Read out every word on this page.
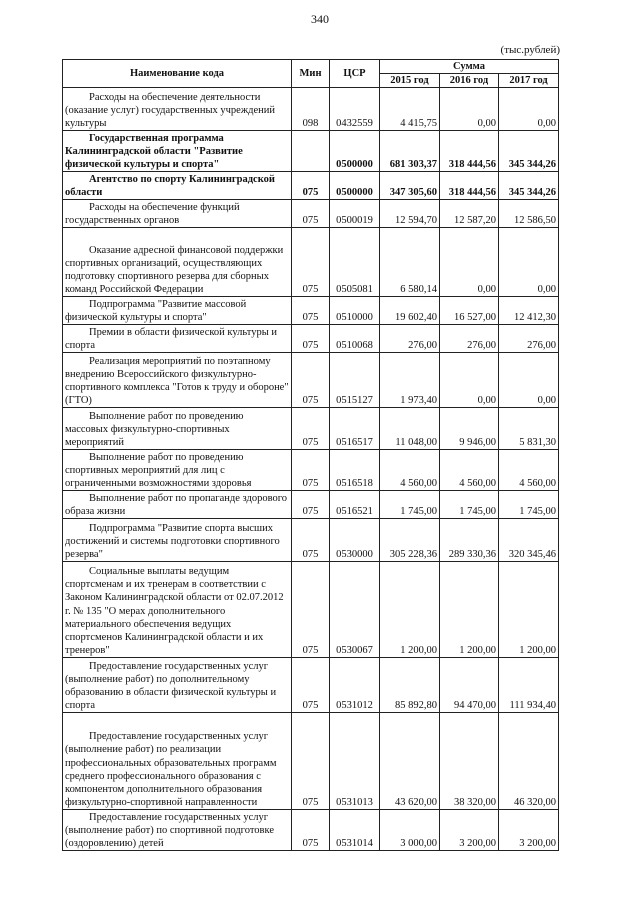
340
(тыс.рублей)
Наименование кода	Мин	ЦСР	Сумма		
			2015 год	2016 год	2017 год
Расходы на обеспечение деятельности (оказание услуг) государственных учреждений культуры	098	0432559	4 415,75	0,00	0,00
Государственная программа Калининградской области "Развитие физической культуры и спорта"		0500000	681 303,37	318 444,56	345 344,26
Агентство по спорту Калининградской области	075	0500000	347 305,60	318 444,56	345 344,26
Расходы на обеспечение функций государственных органов	075	0500019	12 594,70	12 587,20	12 586,50
Оказание адресной финансовой поддержки спортивных организаций, осуществляющих подготовку спортивного резерва для сборных команд Российской Федерации	075	0505081	6 580,14	0,00	0,00
Подпрограмма "Развитие массовой физической культуры и спорта"	075	0510000	19 602,40	16 527,00	12 412,30
Премии в области физической культуры и спорта	075	0510068	276,00	276,00	276,00
Реализация мероприятий по поэтапному внедрению Всероссийского физкультурно-спортивного комплекса "Готов к труду и обороне" (ГТО)	075	0515127	1 973,40	0,00	0,00
Выполнение работ по проведению массовых физкультурно-спортивных мероприятий	075	0516517	11 048,00	9 946,00	5 831,30
Выполнение работ по проведению спортивных мероприятий для лиц с ограниченными возможностями здоровья	075	0516518	4 560,00	4 560,00	4 560,00
Выполнение работ по пропаганде здорового образа жизни	075	0516521	1 745,00	1 745,00	1 745,00
Подпрограмма "Развитие спорта высших достижений и системы подготовки спортивного резерва"	075	0530000	305 228,36	289 330,36	320 345,46
Социальные выплаты ведущим спортсменам и их тренерам в соответствии с Законом Калининградской области от 02.07.2012 г. № 135 "О мерах дополнительного материального обеспечения ведущих спортсменов Калининградской области и их тренеров"	075	0530067	1 200,00	1 200,00	1 200,00
Предоставление государственных услуг (выполнение работ) по дополнительному образованию в области физической культуры и спорта	075	0531012	85 892,80	94 470,00	111 934,40
Предоставление государственных услуг (выполнение работ) по реализации профессиональных образовательных программ среднего профессионального образования с компонентом дополнительного образования физкультурно-спортивной направленности	075	0531013	43 620,00	38 320,00	46 320,00
Предоставление государственных услуг (выполнение работ) по спортивной подготовке (оздоровлению) детей	075	0531014	3 000,00	3 200,00	3 200,00
